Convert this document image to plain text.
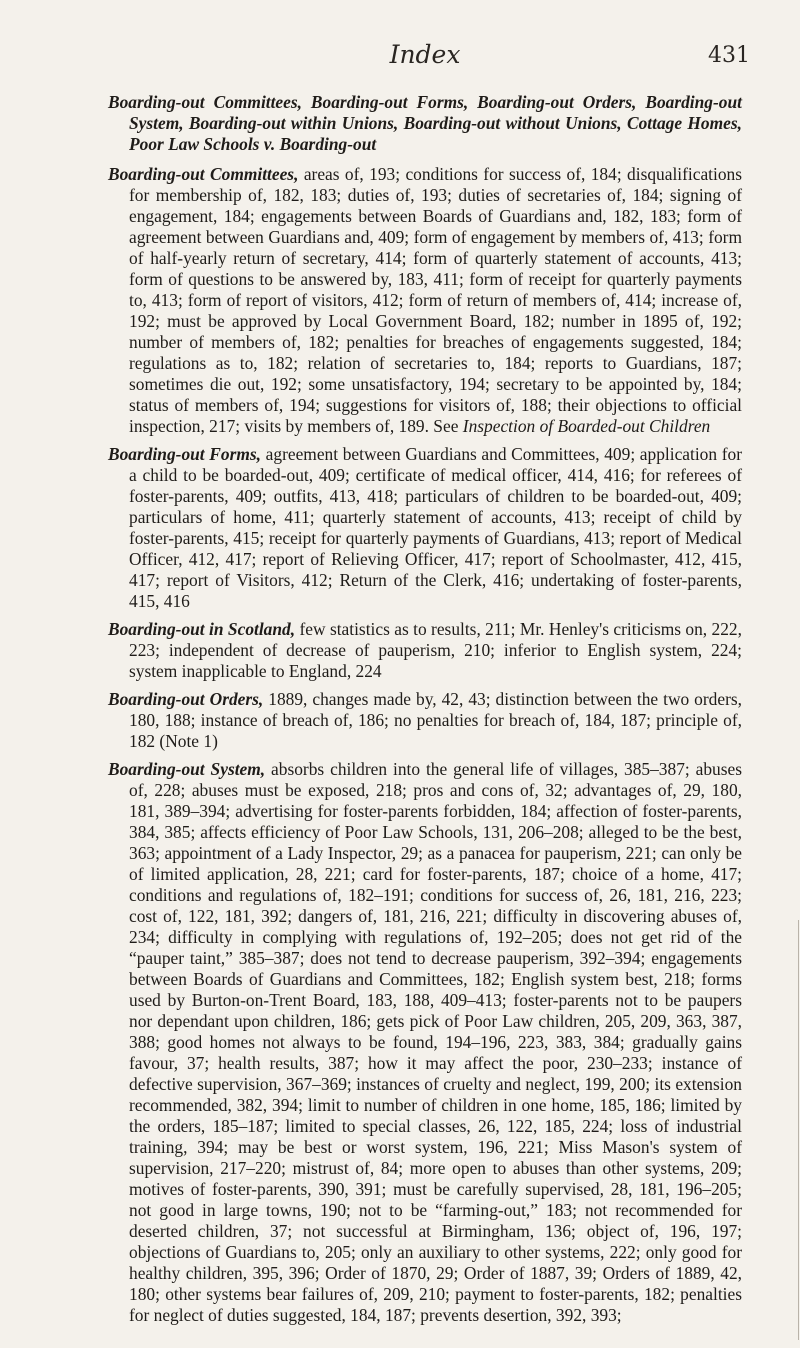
Index	431

Boarding-out Committees, Boarding-out Forms, Boarding-out Orders, Boarding-out System, Boarding-out within Unions, Boarding-out without Unions, Cottage Homes, Poor Law Schools v. Boarding-out

Boarding-out Committees, areas of, 193; conditions for success of, 184; disqualifications for membership of, 182, 183; duties of, 193; duties of secretaries of, 184; signing of engagement, 184; engagements between Boards of Guardians and, 182, 183; form of agreement between Guardians and, 409; form of engagement by members of, 413; form of half-yearly return of secretary, 414; form of quarterly statement of accounts, 413; form of questions to be answered by, 183, 411; form of receipt for quarterly payments to, 413; form of report of visitors, 412; form of return of members of, 414; increase of, 192; must be approved by Local Government Board, 182; number in 1895 of, 192; number of members of, 182; penalties for breaches of engagements suggested, 184; regulations as to, 182; relation of secretaries to, 184; reports to Guardians, 187; sometimes die out, 192; some unsatisfactory, 194; secretary to be appointed by, 184; status of members of, 194; suggestions for visitors of, 188; their objections to official inspection, 217; visits by members of, 189. See Inspection of Boarded-out Children

Boarding-out Forms, agreement between Guardians and Committees, 409; application for a child to be boarded-out, 409; certificate of medical officer, 414, 416; for referees of foster-parents, 409; outfits, 413, 418; particulars of children to be boarded-out, 409; particulars of home, 411; quarterly statement of accounts, 413; receipt of child by foster-parents, 415; receipt for quarterly payments of Guardians, 413; report of Medical Officer, 412, 417; report of Relieving Officer, 417; report of Schoolmaster, 412, 415, 417; report of Visitors, 412; Return of the Clerk, 416; undertaking of foster-parents, 415, 416

Boarding-out in Scotland, few statistics as to results, 211; Mr. Henley's criticisms on, 222, 223; independent of decrease of pauperism, 210; inferior to English system, 224; system inapplicable to England, 224

Boarding-out Orders, 1889, changes made by, 42, 43; distinction between the two orders, 180, 188; instance of breach of, 186; no penalties for breach of, 184, 187; principle of, 182 (Note 1)

Boarding-out System, absorbs children into the general life of villages, 385–387; abuses of, 228; abuses must be exposed, 218; pros and cons of, 32; advantages of, 29, 180, 181, 389–394; advertising for foster-parents forbidden, 184; affection of foster-parents, 384, 385; affects efficiency of Poor Law Schools, 131, 206–208; alleged to be the best, 363; appointment of a Lady Inspector, 29; as a panacea for pauperism, 221; can only be of limited application, 28, 221; card for foster-parents, 187; choice of a home, 417; conditions and regulations of, 182–191; conditions for success of, 26, 181, 216, 223; cost of, 122, 181, 392; dangers of, 181, 216, 221; difficulty in discovering abuses of, 234; difficulty in complying with regulations of, 192–205; does not get rid of the “pauper taint,” 385–387; does not tend to decrease pauperism, 392–394; engagements between Boards of Guardians and Committees, 182; English system best, 218; forms used by Burton-on-Trent Board, 183, 188, 409–413; foster-parents not to be paupers nor dependant upon children, 186; gets pick of Poor Law children, 205, 209, 363, 387, 388; good homes not always to be found, 194–196, 223, 383, 384; gradually gains favour, 37; health results, 387; how it may affect the poor, 230–233; instance of defective supervision, 367–369; instances of cruelty and neglect, 199, 200; its extension recommended, 382, 394; limit to number of children in one home, 185, 186; limited by the orders, 185–187; limited to special classes, 26, 122, 185, 224; loss of industrial training, 394; may be best or worst system, 196, 221; Miss Mason's system of supervision, 217–220; mistrust of, 84; more open to abuses than other systems, 209; motives of foster-parents, 390, 391; must be carefully supervised, 28, 181, 196–205; not good in large towns, 190; not to be “farming-out,” 183; not recommended for deserted children, 37; not successful at Birmingham, 136; object of, 196, 197; objections of Guardians to, 205; only an auxiliary to other systems, 222; only good for healthy children, 395, 396; Order of 1870, 29; Order of 1887, 39; Orders of 1889, 42, 180; other systems bear failures of, 209, 210; payment to foster-parents, 182; penalties for neglect of duties suggested, 184, 187; prevents desertion, 392, 393;
